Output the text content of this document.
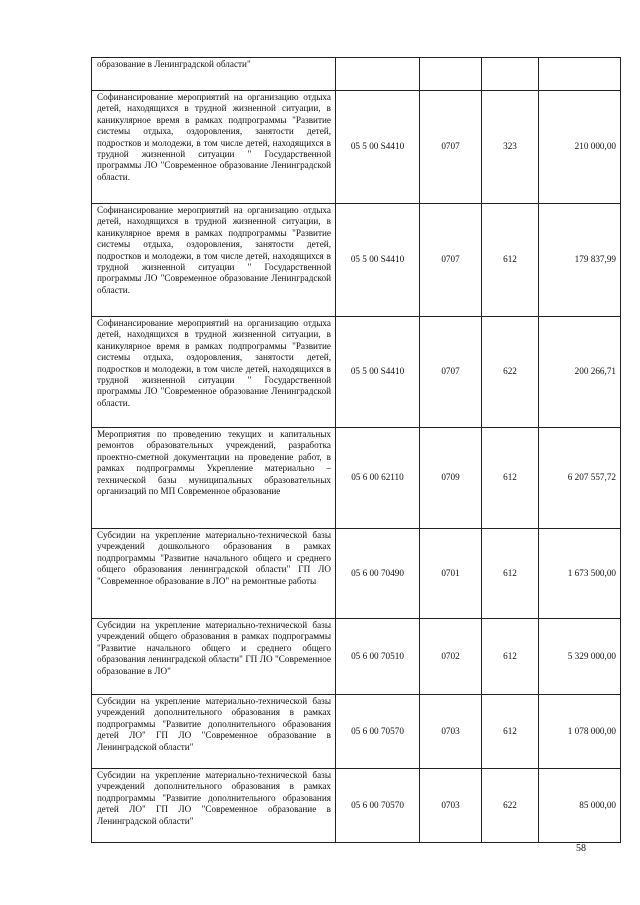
образование в Ленинградской области"				
Софинансирование мероприятий на организацию отдыха детей, находящихся в трудной жизненной ситуации, в каникулярное время в рамках подпрограммы "Развитие системы отдыха, оздоровления, занятости детей, подростков и молодежи, в том числе детей, находящихся в трудной жизненной ситуации " Государственной программы ЛО "Современное образование Ленинградской области.	05 5 00 S4410	0707	323	210 000,00
Софинансирование мероприятий на организацию отдыха детей, находящихся в трудной жизненной ситуации, в каникулярное время в рамках подпрограммы "Развитие системы отдыха, оздоровления, занятости детей, подростков и молодежи, в том числе детей, находящихся в трудной жизненной ситуации " Государственной программы ЛО "Современное образование Ленинградской области.	05 5 00 S4410	0707	612	179 837,99
Софинансирование мероприятий на организацию отдыха детей, находящихся в трудной жизненной ситуации, в каникулярное время в рамках подпрограммы "Развитие системы отдыха, оздоровления, занятости детей, подростков и молодежи, в том числе детей, находящихся в трудной жизненной ситуации " Государственной программы ЛО "Современное образование Ленинградской области.	05 5 00 S4410	0707	622	200 266,71
Мероприятия по проведению текущих и капитальных ремонтов образовательных учреждений, разработка проектно-сметной документации на проведение работ, в рамках подпрограммы Укрепление материально – технической базы муниципальных образовательных организаций по МП Современное образование	05 6 00 62110	0709	612	6 207 557,72
Субсидии на укрепление материально-технической базы учреждений дошкольного образования в рамках подпрограммы "Развитие начального общего и среднего общего образования ленинградской области" ГП ЛО "Современное образование в ЛО" на ремонтные работы	05 6 00 70490	0701	612	1 673 500,00
Субсидии на укрепление материально-технической базы учреждений общего образования в рамках подпрограммы "Развитие начального общего и среднего общего образования ленинградской области" ГП ЛО "Современное образование в ЛО"	05 6 00 70510	0702	612	5 329 000,00
Субсидии на укрепление материально-технической базы учреждений дополнительного образования в рамках подпрограммы "Развитие дополнительного образования детей ЛО" ГП ЛО "Современное образование в Ленинградской области"	05 6 00 70570	0703	612	1 078 000,00
Субсидии на укрепление материально-технической базы учреждений дополнительного образования в рамках подпрограммы "Развитие дополнительного образования детей ЛО" ГП ЛО "Современное образование в Ленинградской области"	05 6 00 70570	0703	622	85 000,00
58
